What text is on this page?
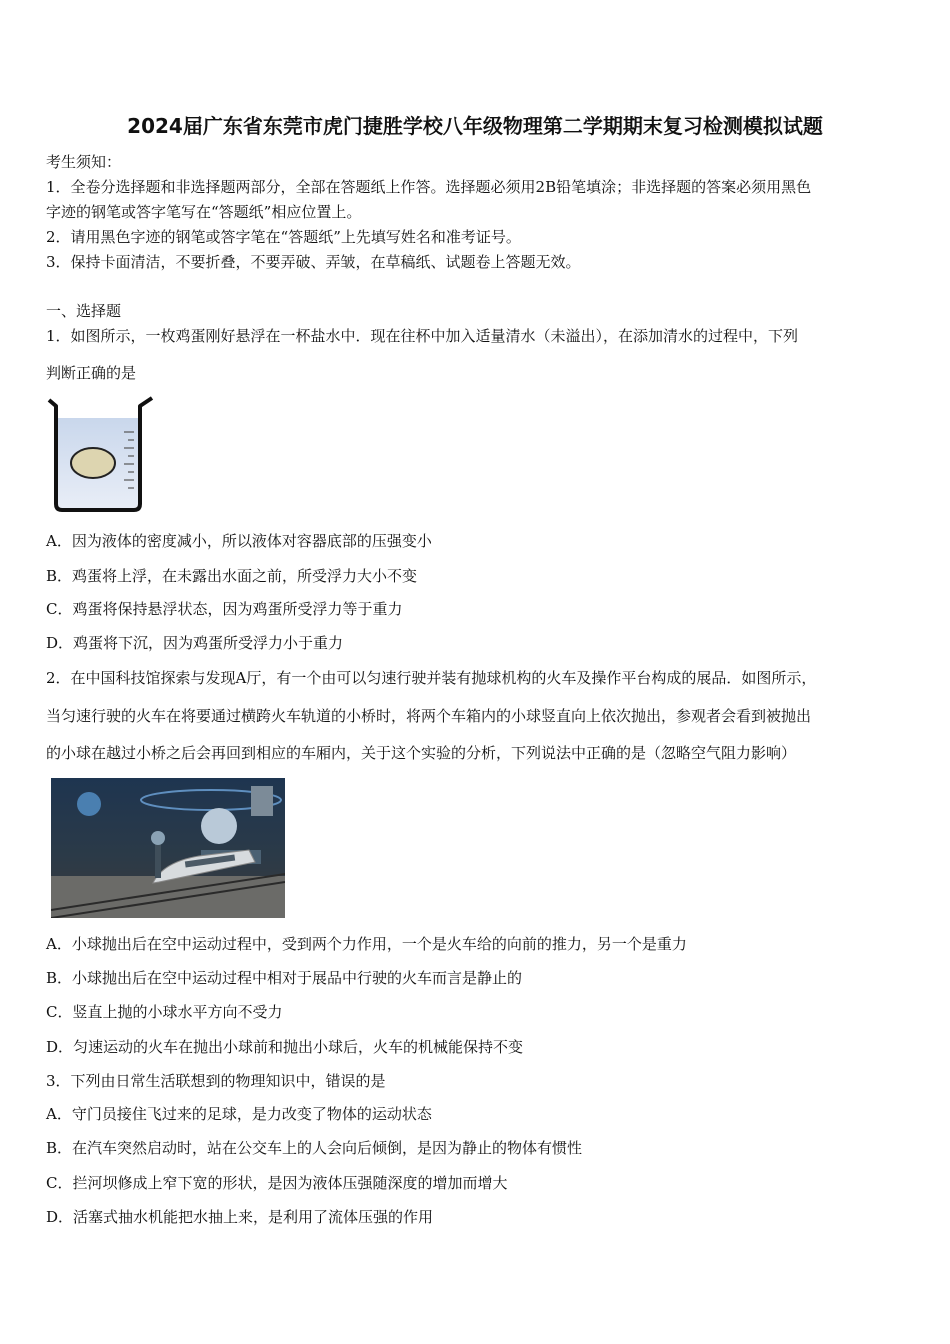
2024届广东省东莞市虎门捷胜学校八年级物理第二学期期末复习检测模拟试题
考生须知：
1．全卷分选择题和非选择题两部分，全部在答题纸上作答。选择题必须用2B铅笔填涂；非选择题的答案必须用黑色
字迹的钢笔或答字笔写在“答题纸”相应位置上。
2．请用黑色字迹的钢笔或答字笔在“答题纸”上先填写姓名和准考证号。
3．保持卡面清洁，不要折叠，不要弄破、弄皱，在草稿纸、试题卷上答题无效。
一、选择题
1．如图所示，一枚鸡蛋刚好悬浮在一杯盐水中．现在往杯中加入适量清水（未溢出），在添加清水的过程中，下列
判断正确的是
A．因为液体的密度减小，所以液体对容器底部的压强变小
B．鸡蛋将上浮，在未露出水面之前，所受浮力大小不变
C．鸡蛋将保持悬浮状态，因为鸡蛋所受浮力等于重力
D．鸡蛋将下沉，因为鸡蛋所受浮力小于重力
2．在中国科技馆探索与发现A厅，有一个由可以匀速行驶并装有抛球机构的火车及操作平台构成的展品．如图所示，
当匀速行驶的火车在将要通过横跨火车轨道的小桥时，将两个车箱内的小球竖直向上依次抛出，参观者会看到被抛出
的小球在越过小桥之后会再回到相应的车厢内，关于这个实验的分析，下列说法中正确的是（忽略空气阻力影响）
A．小球抛出后在空中运动过程中，受到两个力作用，一个是火车给的向前的推力，另一个是重力
B．小球抛出后在空中运动过程中相对于展品中行驶的火车而言是静止的
C．竖直上抛的小球水平方向不受力
D．匀速运动的火车在抛出小球前和抛出小球后，火车的机械能保持不变
3．下列由日常生活联想到的物理知识中，错误的是
A．守门员接住飞过来的足球，是力改变了物体的运动状态
B．在汽车突然启动时，站在公交车上的人会向后倾倒，是因为静止的物体有惯性
C．拦河坝修成上窄下宽的形状，是因为液体压强随深度的增加而增大
D．活塞式抽水机能把水抽上来，是利用了流体压强的作用
